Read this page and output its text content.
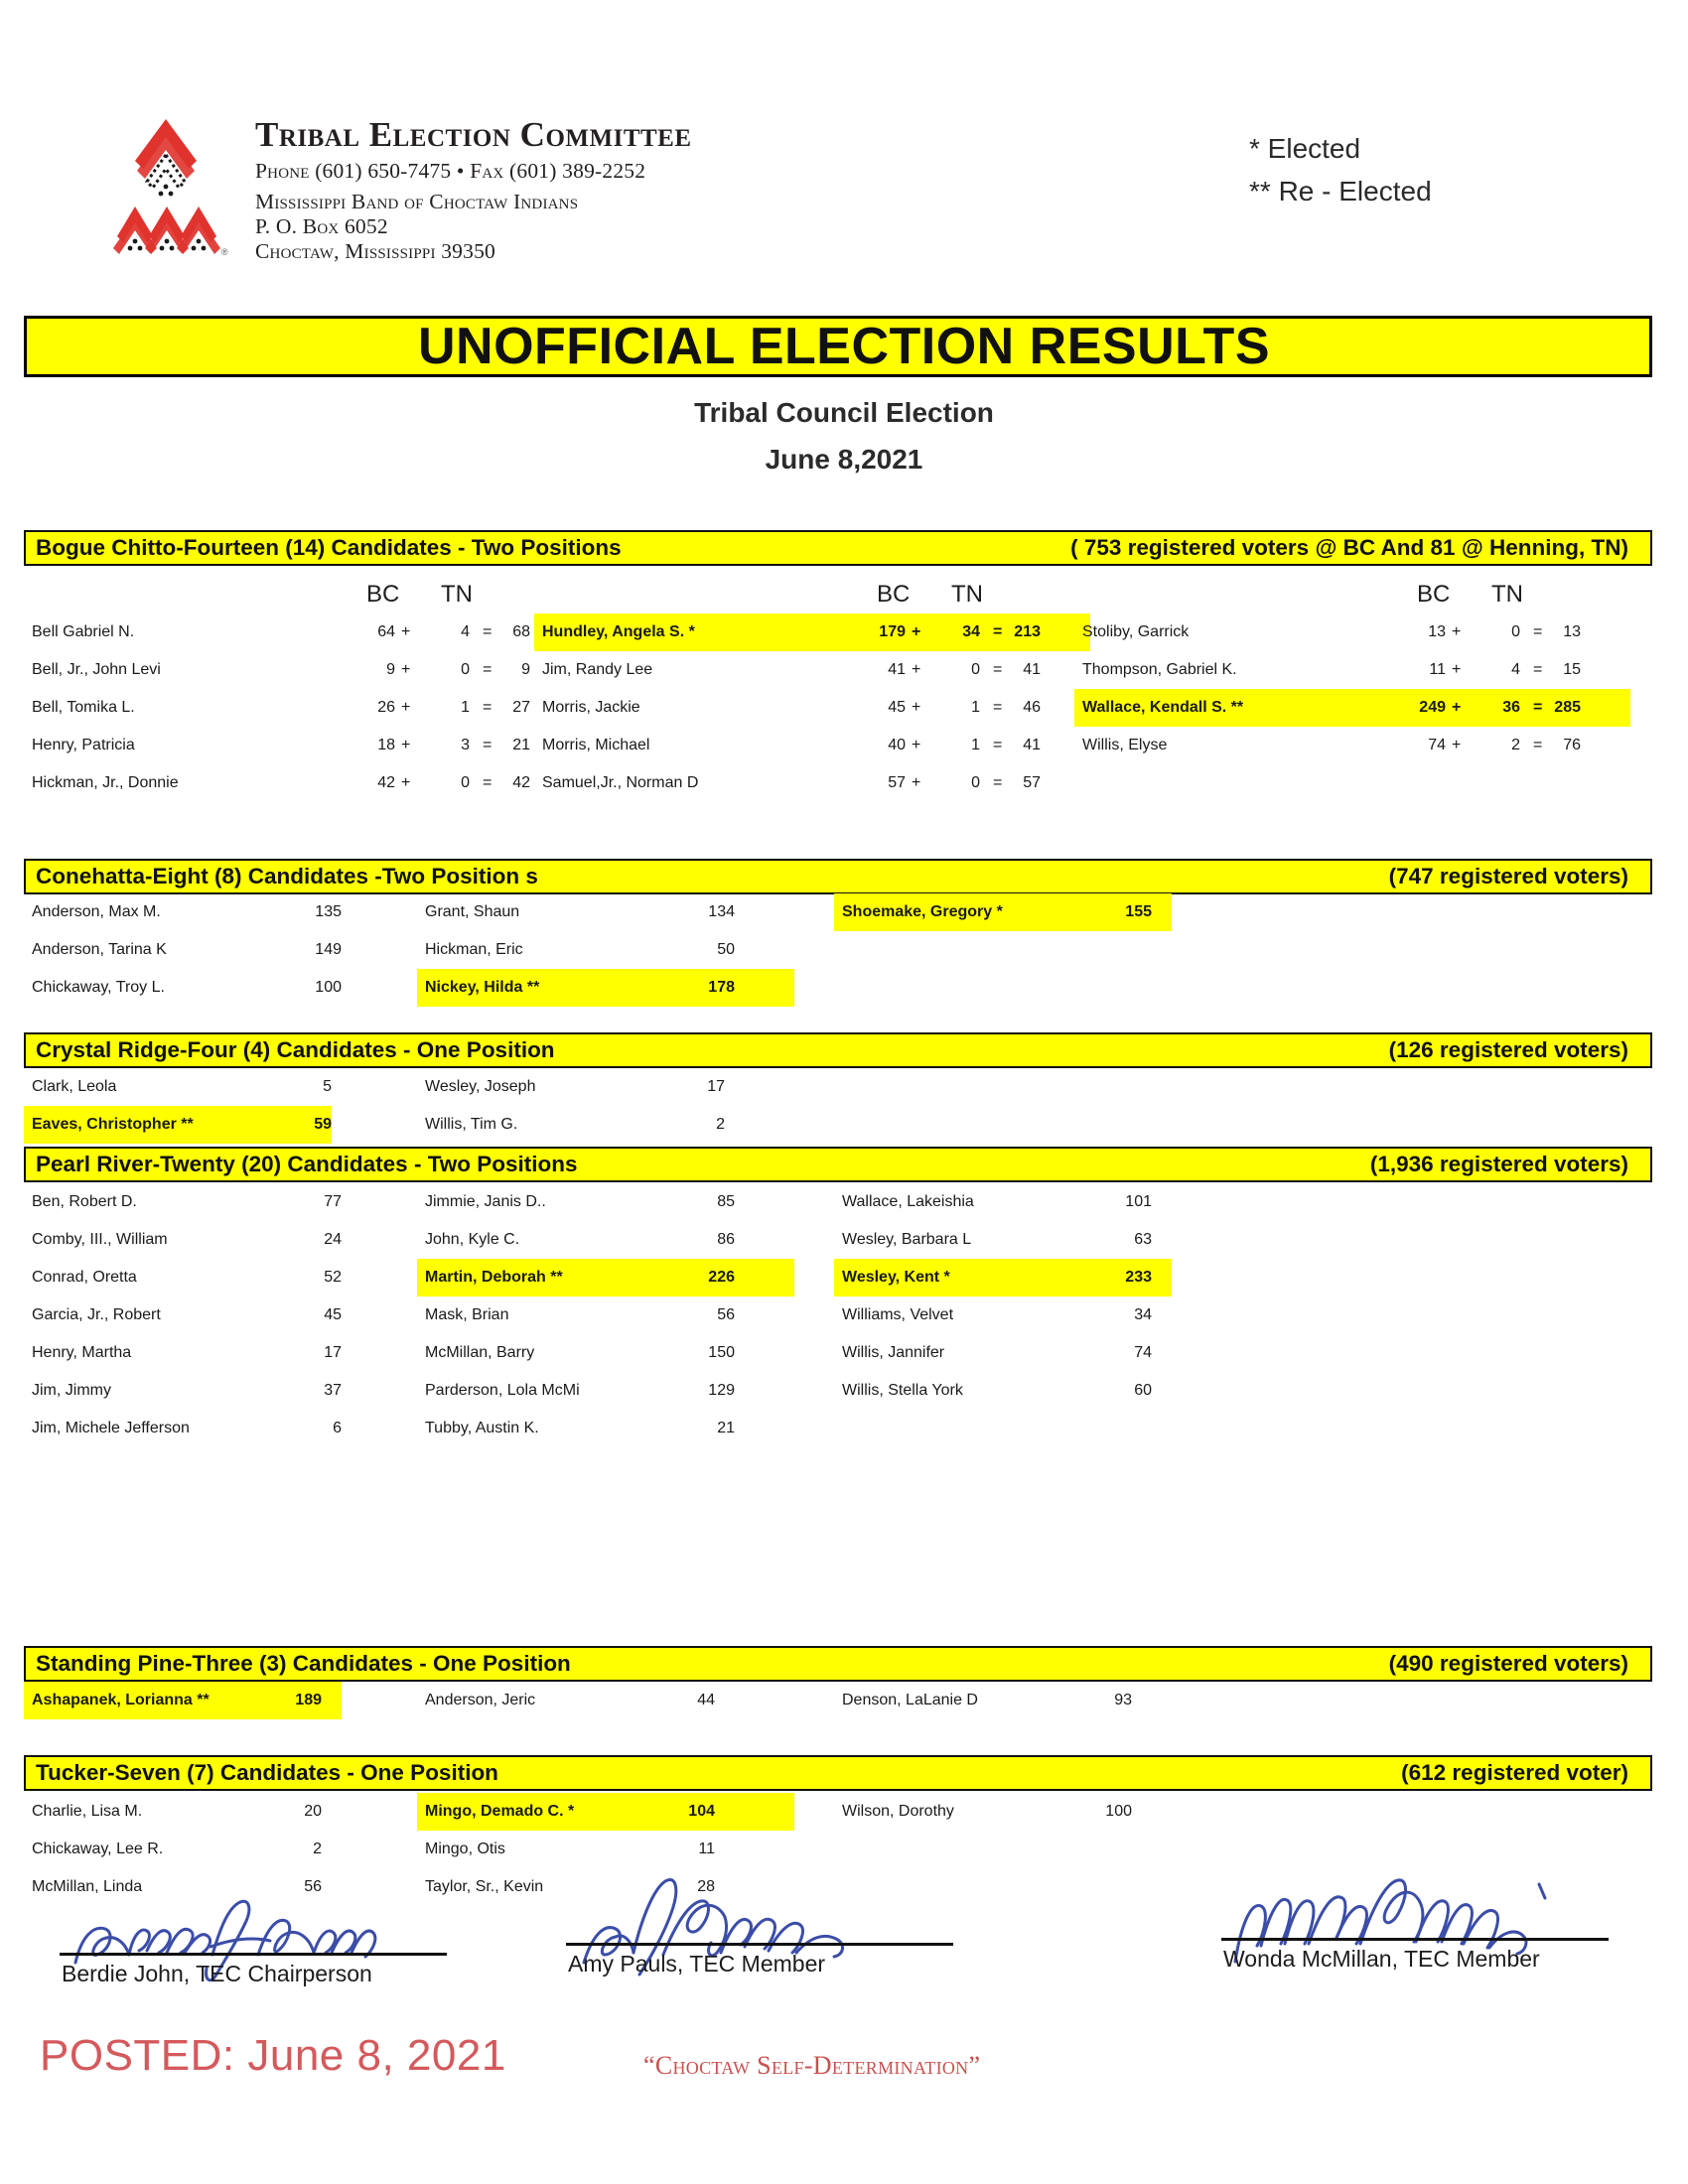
®
Tribal Election Committee
Phone (601) 650-7475 • Fax (601) 389-2252
Mississippi Band of Choctaw Indians
P. O. Box 6052
Choctaw, Mississippi 39350
* Elected
** Re - Elected
UNOFFICIAL ELECTION RESULTS
Tribal Council Election
June 8,2021
Bogue Chitto-Fourteen (14) Candidates - Two Positions	( 753 registered voters @ BC And 81 @ Henning, TN)
BC TN	BC TN	BC TN
Bell Gabriel N.	64 +	4 =	68
Bell, Jr., John Levi	9 +	0 =	9
Bell, Tomika L.	26 +	1 =	27
Henry, Patricia	18 +	3 =	21
Hickman, Jr., Donnie	42 +	0 =	42
Hundley, Angela S. *	179 +	34 = 213
Jim, Randy Lee	41 +	0 =	41
Morris, Jackie	45 +	1 =	46
Morris, Michael	40 +	1 =	41
Samuel,Jr., Norman D	57 +	0 =	57
Stoliby, Garrick	13 +	0 =	13
Thompson, Gabriel K.	11 +	4 =	15
Wallace, Kendall S. **	249 +	36 = 285
Willis, Elyse	74 +	2 =	76
Conehatta-Eight (8) Candidates -Two Position s	(747 registered voters)
Anderson, Max M.	135
Anderson, Tarina K	149
Chickaway, Troy L.	100
Grant, Shaun	134
Hickman, Eric	50
Nickey, Hilda **	178
Shoemake, Gregory *	155
Crystal Ridge-Four (4) Candidates - One Position	(126 registered voters)
Clark, Leola	5
Eaves, Christopher **	59
Wesley, Joseph	17
Willis, Tim G.	2
Pearl River-Twenty (20) Candidates - Two Positions	(1,936 registered voters)
Ben, Robert D.	77
Comby, III., William	24
Conrad, Oretta	52
Garcia, Jr., Robert	45
Henry, Martha	17
Jim, Jimmy	37
Jim, Michele Jefferson	6
Jimmie, Janis D..	85
John, Kyle C.	86
Martin, Deborah **	226
Mask, Brian	56
McMillan, Barry	150
Parderson, Lola McMi	129
Tubby, Austin K.	21
Wallace, Lakeishia	101
Wesley, Barbara L	63
Wesley, Kent *	233
Williams, Velvet	34
Willis, Jannifer	74
Willis, Stella York	60
Standing Pine-Three (3) Candidates - One Position	(490 registered voters)
Ashapanek, Lorianna **	189	Anderson, Jeric	44	Denson, LaLanie D	93
Tucker-Seven (7) Candidates - One Position	(612 registered voter)
Charlie, Lisa M.	20
Chickaway, Lee R.	2
McMillan, Linda	56
Mingo, Demado C. *	104
Mingo, Otis	11
Taylor, Sr., Kevin	28
Wilson, Dorothy	100
Berdie John, TEC Chairperson	Amy Pauls, TEC Member	Wonda McMillan, TEC Member
POSTED: June 8, 2021	“Choctaw Self-Determination”
